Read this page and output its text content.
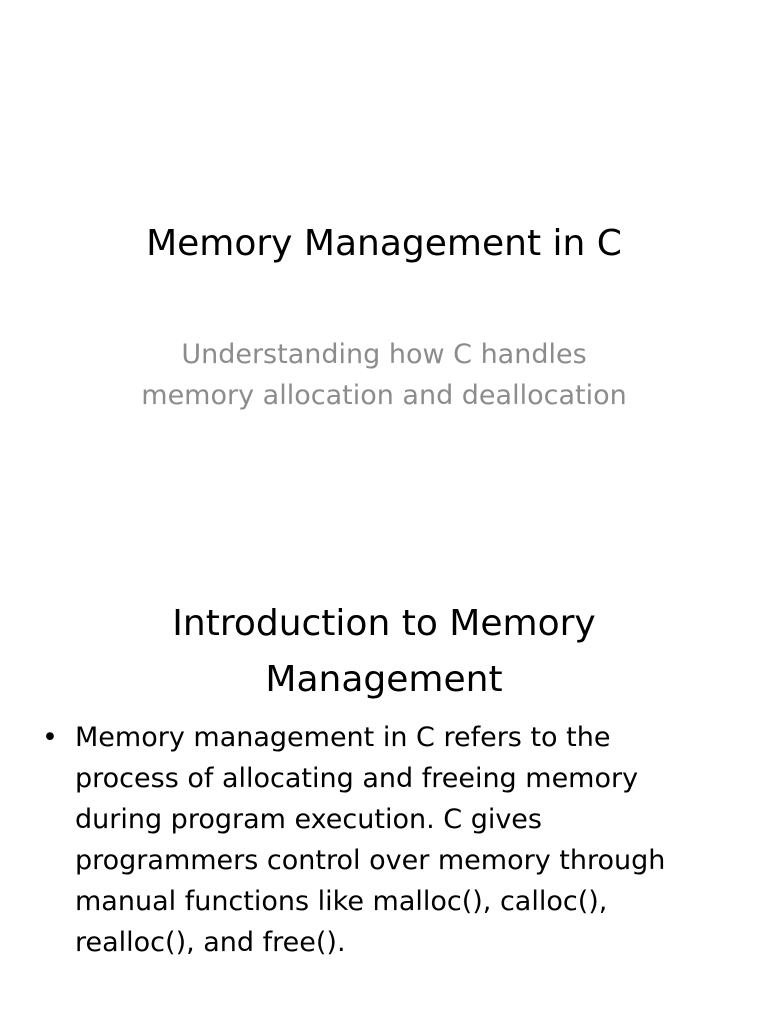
Memory Management in C
Understanding how C handles
memory allocation and deallocation
Introduction to Memory
Management
• Memory management in C refers to the
process of allocating and freeing memory
during program execution. C gives
programmers control over memory through
manual functions like malloc(), calloc(),
realloc(), and free().
